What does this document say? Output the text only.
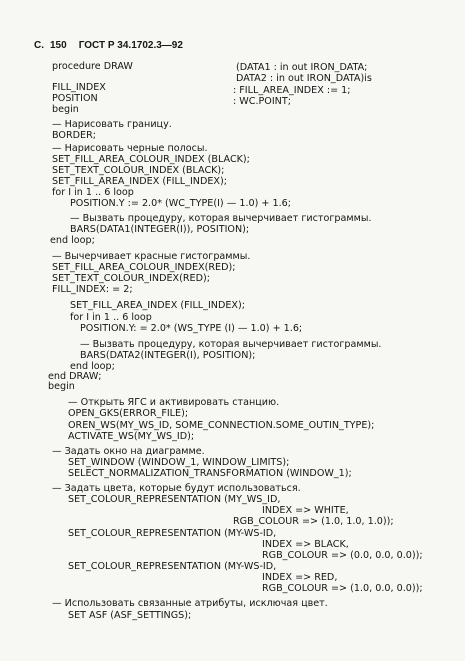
С. 150 ГОСТ Р 34.1702.3—92
procedure DRAW	(DATA1 : in out IRON_DATA;
DATA2 : in out IRON_DATA)is
FILL_INDEX	: FILL_AREA_INDEX := 1;
POSITION	: WC.POINT;
begin
— Нарисовать границу.
BORDER;
— Нарисовать черные полосы.
SET_FILL_AREA_COLOUR_INDEX (BLACK);
SET_TEXT_COLOUR_INDEX (BLACK);
SET_FILL_AREA_INDEX (FILL_INDEX);
for I in 1 .. 6 loop
POSITION.Y := 2.0* (WC_TYPE(I) — 1.0) + 1.6;
— Вызвать процедуру, которая вычерчивает гистограммы.
BARS(DATA1(INTEGER(I)), POSITION);
end loop;
— Вычерчивает красные гистограммы.
SET_FILL_AREA_COLOUR_INDEX(RED);
SET_TEXT_COLOUR_INDEX(RED);
FILL_INDEX: = 2;
SET_FILL_AREA_INDEX (FILL_INDEX);
for I in 1 .. 6 loop
POSITION.Y: = 2.0* (WS_TYPE (I) — 1.0) + 1.6;
— Вызвать процедуру, которая вычерчивает гистограммы.
BARS(DATA2(INTEGER(I), POSITION);
end loop;
end DRAW;
begin
— Открыть ЯГС и активировать станцию.
OPEN_GKS(ERROR_FILE);
OREN_WS(MY_WS_ID, SOME_CONNECTION.SOME_OUTIN_TYPE);
ACTIVATE_WS(MY_WS_ID);
— Задать окно на диаграмме.
SET_WINDOW (WINDOW_1, WINDOW_LIMITS);
SELECT_NORMALIZATION_TRANSFORMATION (WINDOW_1);
— Задать цвета, которые будут использоваться.
SET_COLOUR_REPRESENTATION (MY_WS_ID,
INDEX => WHITE,
RGB_COLOUR => (1.0, 1.0, 1.0));
SET_COLOUR_REPRESENTATION (MY-WS-ID,
INDEX => BLACK,
RGB_COLOUR => (0.0, 0.0, 0.0));
SET_COLOUR_REPRESENTATION (MY-WS-ID,
INDEX => RED,
RGB_COLOUR => (1.0, 0.0, 0.0));
— Использовать связанные атрибуты, исключая цвет.
SET ASF (ASF_SETTINGS);
